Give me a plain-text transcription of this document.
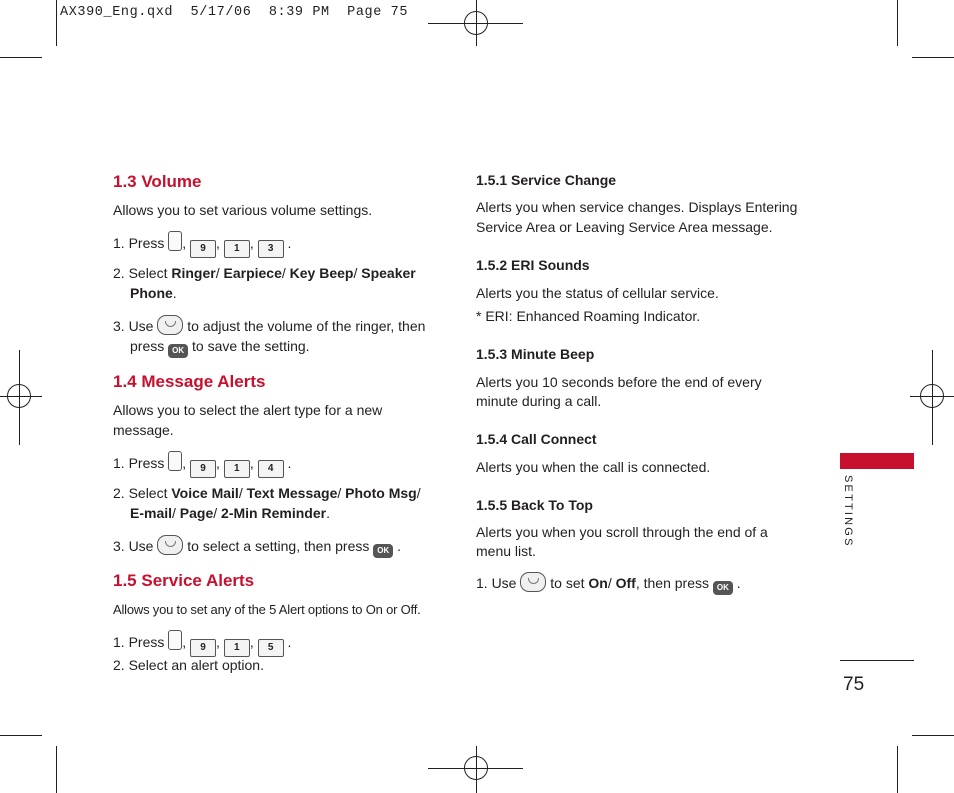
AX390_Eng.qxd  5/17/06  8:39 PM  Page 75
1.3 Volume
Allows you to set various volume settings.
1. Press , 9 , 1 , 3 .
2. Select Ringer/ Earpiece/ Key Beep/ Speaker
Phone.
3. Use to adjust the volume of the ringer, then
press OK to save the setting.
1.4 Message Alerts
Allows you to select the alert type for a new
message.
1. Press , 9 , 1 , 4 .
2. Select Voice Mail/ Text Message/ Photo Msg/
E-mail/ Page/ 2-Min Reminder.
3. Use to select a setting, then press OK .
1.5 Service Alerts
Allows you to set any of the 5 Alert options to On or Off.
1. Press , 9 , 1 , 5 .
2. Select an alert option.
1.5.1 Service Change
Alerts you when service changes. Displays Entering
Service Area or Leaving Service Area message.
1.5.2 ERI Sounds
Alerts you the status of cellular service.
* ERI: Enhanced Roaming Indicator.
1.5.3 Minute Beep
Alerts you 10 seconds before the end of every
minute during a call.
1.5.4 Call Connect
Alerts you when the call is connected.
1.5.5 Back To Top
Alerts you when you scroll through the end of a
menu list.
1. Use to set On/ Off, then press OK .
SETTINGS
75
